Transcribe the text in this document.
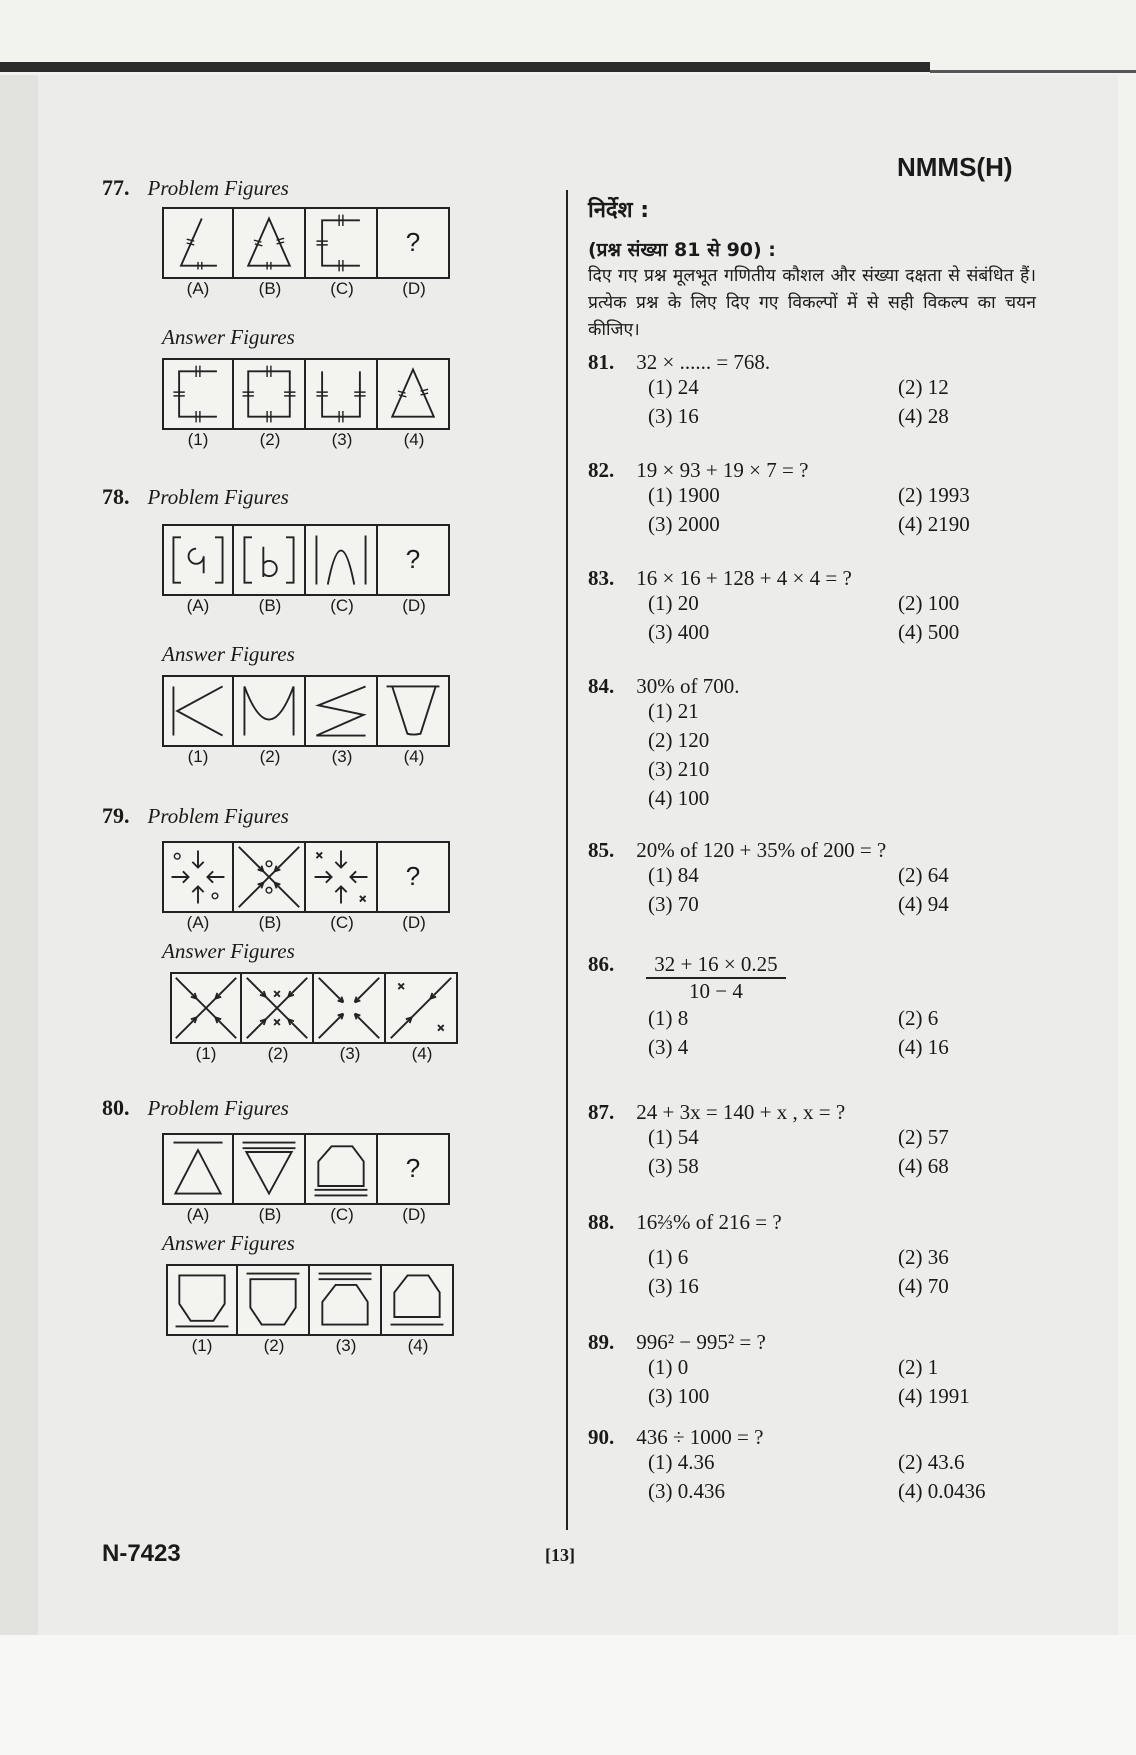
NMMS(H)
77. Problem Figures
?
(A)	(B)	(C)	(D)
Answer Figures
(1)	(2)	(3)	(4)
78. Problem Figures
?
(A)	(B)	(C)	(D)
Answer Figures
(1)	(2)	(3)	(4)
79. Problem Figures
?
(A)	(B)	(C)	(D)
Answer Figures
(1)	(2)	(3)	(4)
80. Problem Figures
?
(A)	(B)	(C)	(D)
Answer Figures
(1)	(2)	(3)	(4)
निर्देश :
(प्रश्न संख्या 81 से 90) :
दिए गए प्रश्न मूलभूत गणितीय कौशल और संख्या दक्षता से संबंधित हैं। प्रत्येक प्रश्न के लिए दिए गए विकल्पों में से सही विकल्प का चयन कीजिए।
81. 32 × ...... = 768.
(1) 24	(2) 12
(3) 16	(4) 28
82. 19 × 93 + 19 × 7 = ?
(1) 1900	(2) 1993
(3) 2000	(4) 2190
83. 16 × 16 + 128 + 4 × 4 = ?
(1) 20	(2) 100
(3) 400	(4) 500
84. 30% of 700.
(1) 21
(2) 120
(3) 210
(4) 100
85. 20% of 120 + 35% of 200 = ?
(1) 84	(2) 64
(3) 70	(4) 94
86. $\frac{32 + 16 \times 0.25}{10 - 4}$
(1) 8	(2) 6
(3) 4	(4) 16
87. 24 + 3x = 140 + x , x = ?
(1) 54	(2) 57
(3) 58	(4) 68
88. 16⅔% of 216 = ?
(1) 6	(2) 36
(3) 16	(4) 70
89. 996² − 995² = ?
(1) 0	(2) 1
(3) 100	(4) 1991
90. 436 ÷ 1000 = ?
(1) 4.36	(2) 43.6
(3) 0.436	(4) 0.0436
N-7423	[13]
